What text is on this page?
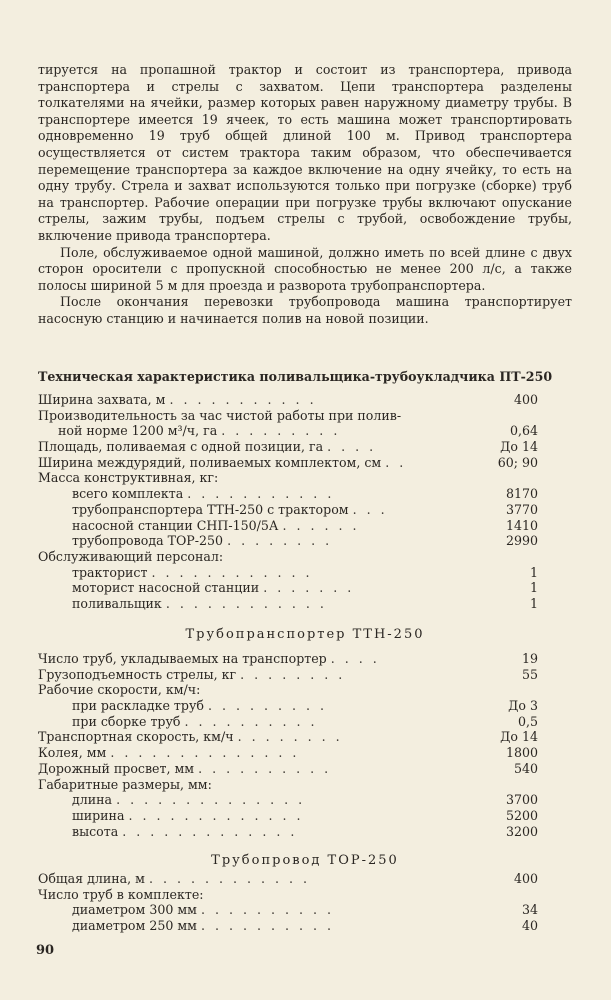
тируется на пропашной трактор и состоит из транспортера, привода транспортера и стрелы с захватом. Цепи транспортера разделены толкателями на ячейки, размер которых равен наружному диаметру трубы. В транспортере имеется 19 ячеек, то есть машина может транспортировать одновременно 19 труб общей длиной 100 м. Привод транспортера осуществляется от систем трактора таким образом, что обеспечивается перемещение транспортера за каждое включение на одну ячейку, то есть на одну трубу. Стрела и захват используются только при погрузке (сборке) труб на транспортер. Рабочие операции при погрузке трубы включают опускание стрелы, зажим трубы, подъем стрелы с трубой, освобождение трубы, включение привода транспортера.

Поле, обслуживаемое одной машиной, должно иметь по всей длине с двух сторон оросители с пропускной способностью не менее 200 л/с, а также полосы шириной 5 м для проезда и разворота трубопранспортера.

После окончания перевозки трубопровода машина транспортирует насосную станцию и начинается полив на новой позиции.

Техническая характеристика поливальщика-трубоукладчика ПТ-250
Ширина захвата, м . . . . . . . . . . .	400
Производительность за час чистой работы при полив-
ной норме 1200 м³/ч, га . . . . . . . . .	0,64
Площадь, поливаемая с одной позиции, га . . . .	До 14
Ширина междурядий, поливаемых комплектом, см . .	60; 90
Масса конструктивная, кг:
всего комплекта . . . . . . . . . . .	8170
трубопранспортера ТТН-250 с трактором . . .	3770
насосной станции СНП-150/5А . . . . . .	1410
трубопровода ТОР-250 . . . . . . . .	2990
Обслуживающий персонал:
тракторист . . . . . . . . . . . .	1
моторист насосной станции . . . . . . .	1
поливальщик . . . . . . . . . . . .	1
Трубопранспортер ТТН-250
Число труб, укладываемых на транспортер . . . .	19
Грузоподъемность стрелы, кг . . . . . . . .	55
Рабочие скорости, км/ч:
при раскладке труб . . . . . . . . .	До 3
при сборке труб . . . . . . . . . .	0,5
Транспортная скорость, км/ч . . . . . . . .	До 14
Колея, мм . . . . . . . . . . . . . .	1800
Дорожный просвет, мм . . . . . . . . . .	540
Габаритные размеры, мм:
длина . . . . . . . . . . . . . .	3700
ширина . . . . . . . . . . . . .	5200
высота . . . . . . . . . . . . .	3200
Трубопровод ТОР-250
Общая длина, м . . . . . . . . . . . .	400
Число труб в комплекте:
диаметром 300 мм . . . . . . . . . .	34
диаметром 250 мм . . . . . . . . . .	40
90
